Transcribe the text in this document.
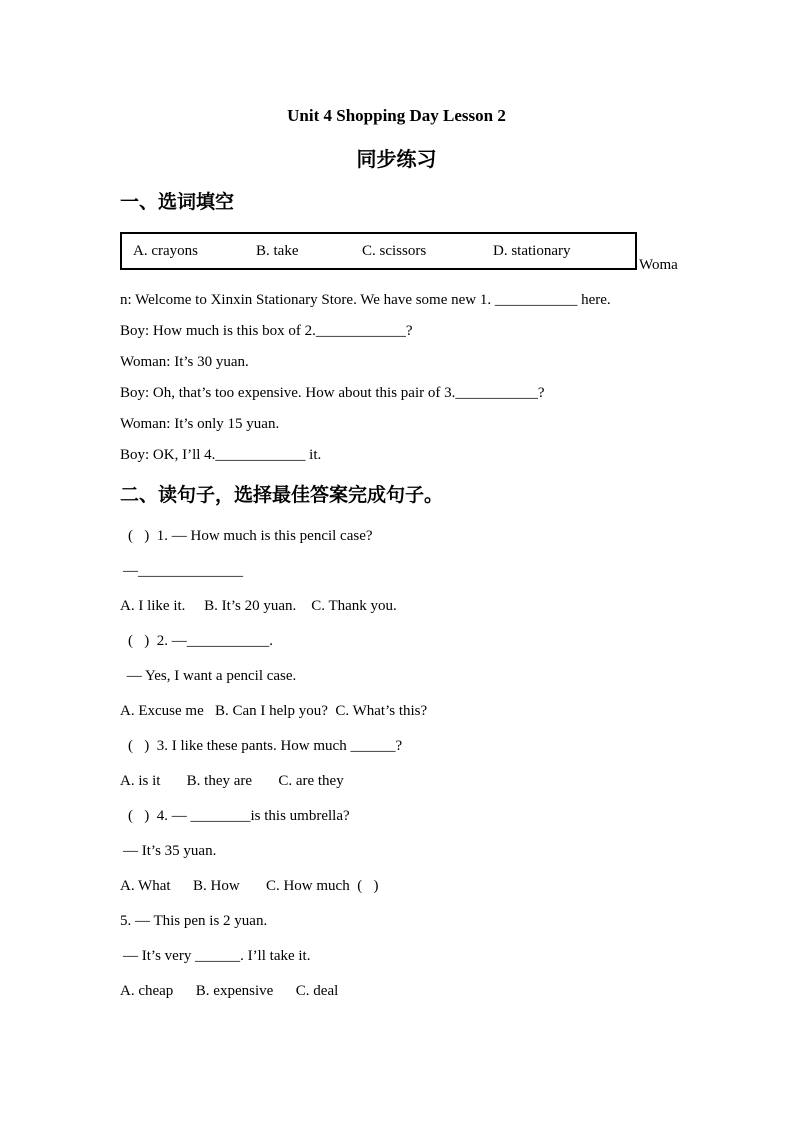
Unit 4 Shopping Day Lesson 2
同步练习
一、选词填空
A. crayons	B. take	C. scissors	D. stationary
Woma

n: Welcome to Xinxin Stationary Store. We have some new 1. ___________ here.

Boy: How much is this box of 2.____________?

Woman: It’s 30 yuan.

Boy: Oh, that’s too expensive. How about this pair of 3.___________?

Woman: It’s only 15 yuan.

Boy: OK, I’ll 4.____________ it.

二、读句子，选择最佳答案完成句子。

(   )  1. — How much is this pencil case?

—______________

A. I like it.     B. It’s 20 yuan.    C. Thank you.

(   )  2. —___________.

— Yes, I want a pencil case.

A. Excuse me   B. Can I help you?  C. What’s this?

(   )  3. I like these pants. How much ______?

A. is it       B. they are       C. are they

(   )  4. — ________is this umbrella?

— It’s 35 yuan.

A. What      B. How       C. How much  (   )

5. — This pen is 2 yuan.

— It’s very ______. I’ll take it.

A. cheap      B. expensive      C. deal
